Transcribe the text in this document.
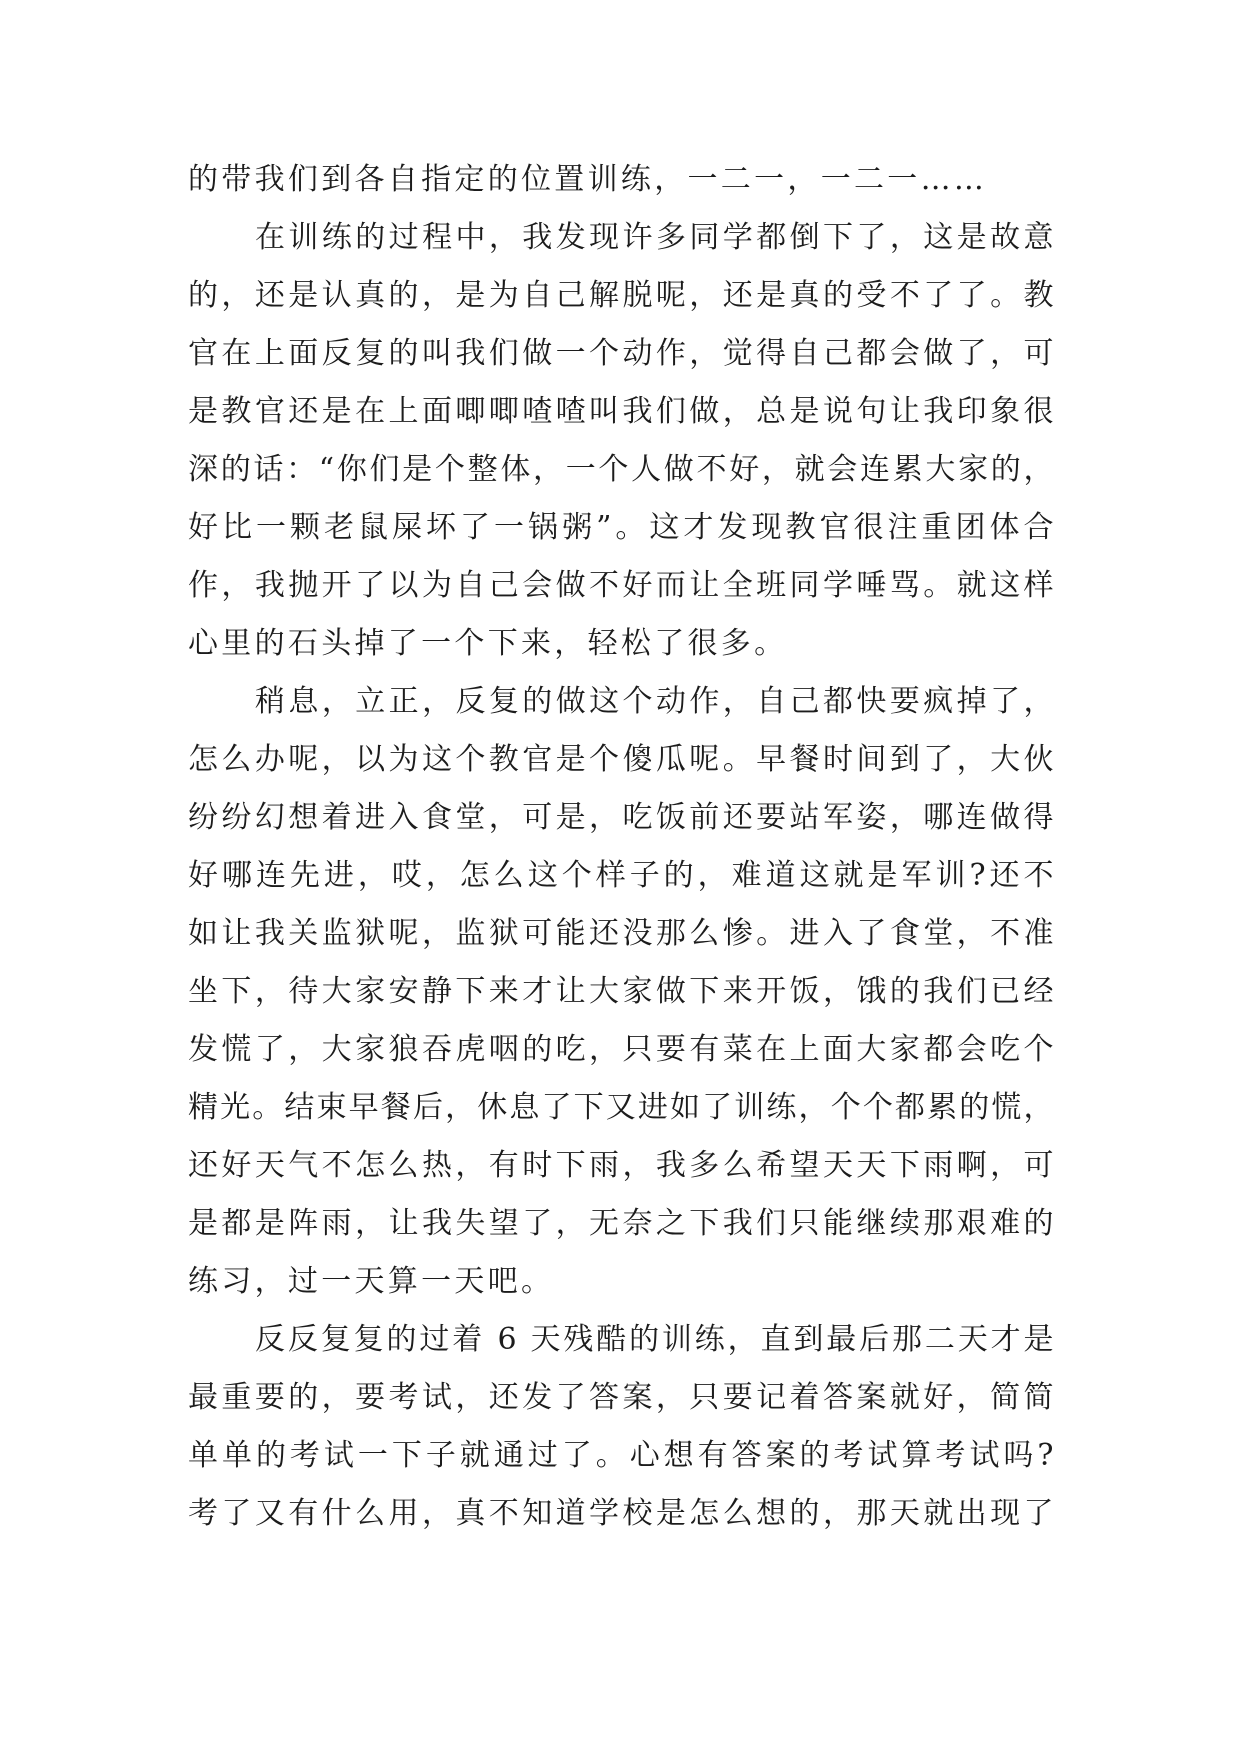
的带我们到各自指定的位置训练，一二一，一二一……
在训练的过程中，我发现许多同学都倒下了，这是故意
的，还是认真的，是为自己解脱呢，还是真的受不了了。教
官在上面反复的叫我们做一个动作，觉得自己都会做了，可
是教官还是在上面唧唧喳喳叫我们做，总是说句让我印象很
深的话：“你们是个整体，一个人做不好，就会连累大家的，
好比一颗老鼠屎坏了一锅粥”。这才发现教官很注重团体合
作，我抛开了以为自己会做不好而让全班同学唾骂。就这样
心里的石头掉了一个下来，轻松了很多。
稍息，立正，反复的做这个动作，自己都快要疯掉了，
怎么办呢，以为这个教官是个傻瓜呢。早餐时间到了，大伙
纷纷幻想着进入食堂，可是，吃饭前还要站军姿，哪连做得
好哪连先进，哎，怎么这个样子的，难道这就是军训?还不
如让我关监狱呢，监狱可能还没那么惨。进入了食堂，不准
坐下，待大家安静下来才让大家做下来开饭，饿的我们已经
发慌了，大家狼吞虎咽的吃，只要有菜在上面大家都会吃个
精光。结束早餐后，休息了下又进如了训练，个个都累的慌，
还好天气不怎么热，有时下雨，我多么希望天天下雨啊，可
是都是阵雨，让我失望了，无奈之下我们只能继续那艰难的
练习，过一天算一天吧。
反反复复的过着 6 天残酷的训练，直到最后那二天才是
最重要的，要考试，还发了答案，只要记着答案就好，简简
单单的考试一下子就通过了。心想有答案的考试算考试吗?
考了又有什么用，真不知道学校是怎么想的，那天就出现了
